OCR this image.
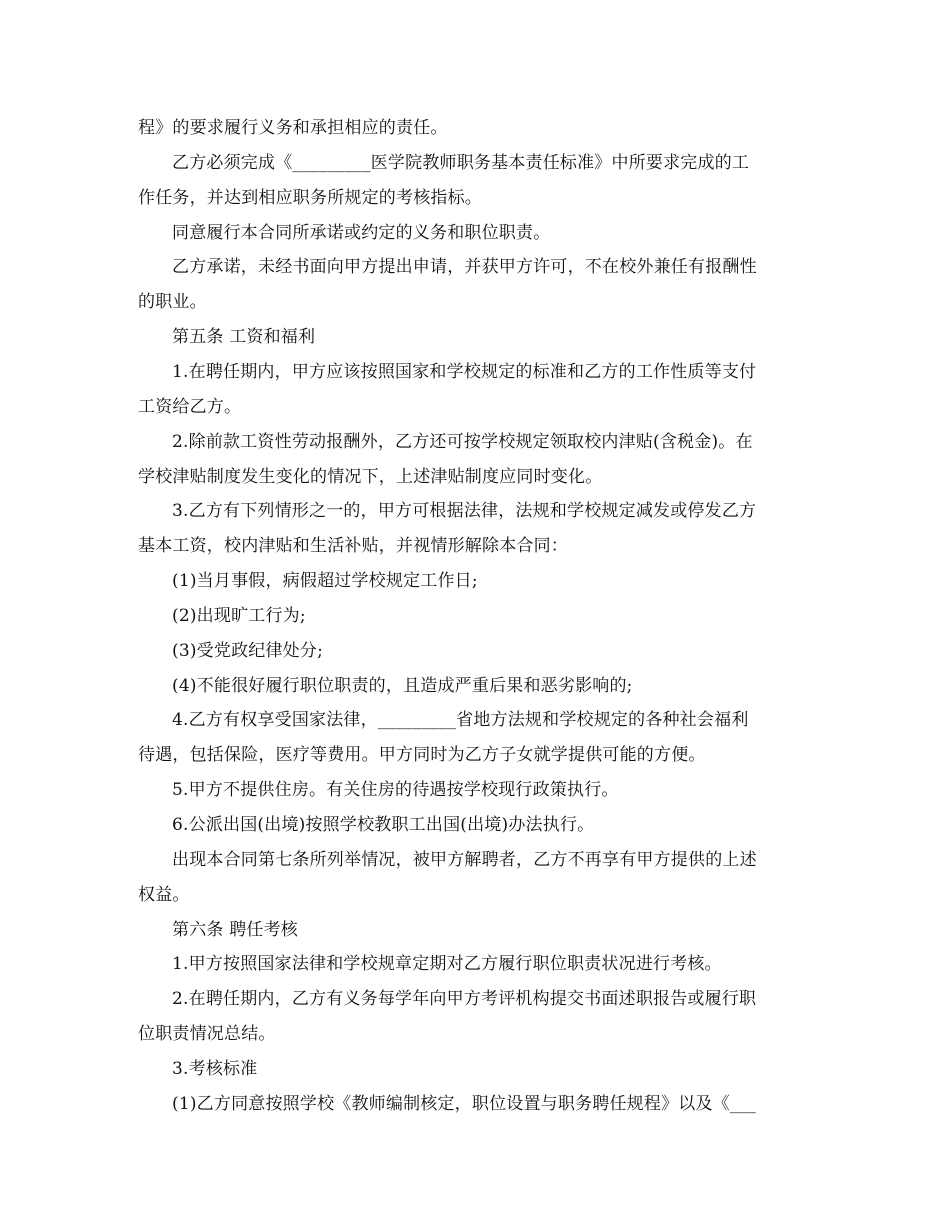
程》的要求履行义务和承担相应的责任。
乙方必须完成《_________医学院教师职务基本责任标准》中所要求完成的工
作任务，并达到相应职务所规定的考核指标。
同意履行本合同所承诺或约定的义务和职位职责。
乙方承诺，未经书面向甲方提出申请，并获甲方许可，不在校外兼任有报酬性
的职业。
第五条 工资和福利
1.在聘任期内，甲方应该按照国家和学校规定的标准和乙方的工作性质等支付
工资给乙方。
2.除前款工资性劳动报酬外，乙方还可按学校规定领取校内津贴(含税金)。在
学校津贴制度发生变化的情况下，上述津贴制度应同时变化。
3.乙方有下列情形之一的，甲方可根据法律，法规和学校规定减发或停发乙方
基本工资，校内津贴和生活补贴，并视情形解除本合同：
(1)当月事假，病假超过学校规定工作日;
(2)出现旷工行为;
(3)受党政纪律处分;
(4)不能很好履行职位职责的，且造成严重后果和恶劣影响的;
4.乙方有权享受国家法律，_________省地方法规和学校规定的各种社会福利
待遇，包括保险，医疗等费用。甲方同时为乙方子女就学提供可能的方便。
5.甲方不提供住房。有关住房的待遇按学校现行政策执行。
6.公派出国(出境)按照学校教职工出国(出境)办法执行。
出现本合同第七条所列举情况，被甲方解聘者，乙方不再享有甲方提供的上述
权益。
第六条 聘任考核
1.甲方按照国家法律和学校规章定期对乙方履行职位职责状况进行考核。
2.在聘任期内，乙方有义务每学年向甲方考评机构提交书面述职报告或履行职
位职责情况总结。
3.考核标准
(1)乙方同意按照学校《教师编制核定，职位设置与职务聘任规程》以及《___
